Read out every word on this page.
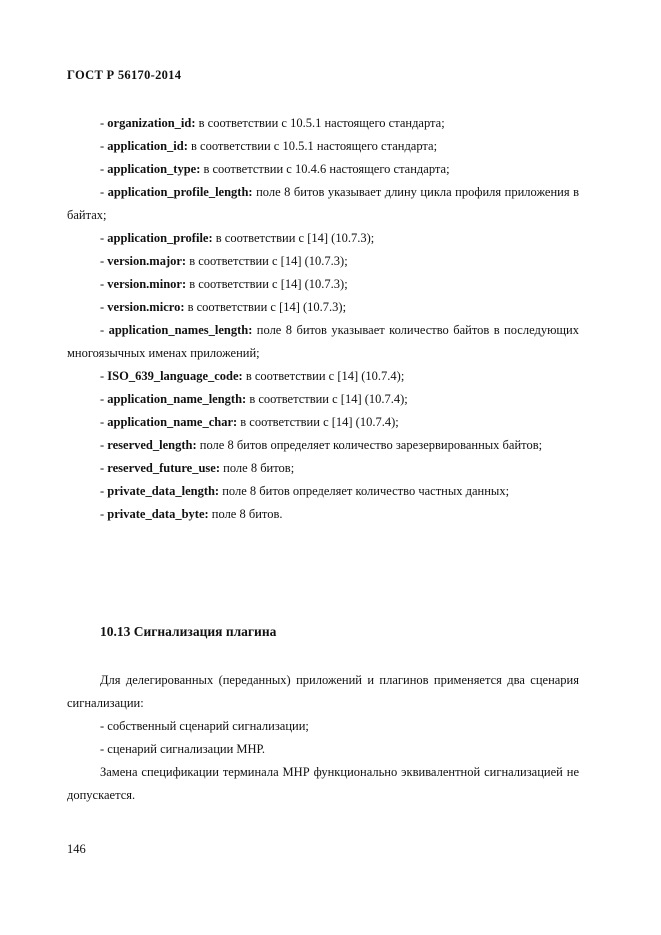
ГОСТ Р 56170-2014

- organization_id: в соответствии с 10.5.1 настоящего стандарта;

- application_id: в соответствии с 10.5.1 настоящего стандарта;

- application_type: в соответствии с 10.4.6 настоящего стандарта;

- application_profile_length: поле 8 битов указывает длину цикла профиля приложения в байтах;

- application_profile: в соответствии с [14] (10.7.3);

- version.major: в соответствии с [14] (10.7.3);

- version.minor: в соответствии с [14] (10.7.3);

- version.micro: в соответствии с [14] (10.7.3);

- application_names_length: поле 8 битов указывает количество байтов в последующих многоязычных именах приложений;

- ISO_639_language_code: в соответствии с [14] (10.7.4);

- application_name_length: в соответствии с [14] (10.7.4);

- application_name_char: в соответствии с [14] (10.7.4);

- reserved_length: поле 8 битов определяет количество зарезервированных байтов;

- reserved_future_use: поле 8 битов;

- private_data_length: поле 8 битов определяет количество частных данных;

- private_data_byte: поле 8 битов.

10.13 Сигнализация плагина

Для делегированных (переданных) приложений и плагинов применяется два сценария сигнализации:

- собственный сценарий сигнализации;

- сценарий сигнализации МНР.

Замена спецификации терминала МНР функционально эквивалентной сигнализацией не допускается.

146
